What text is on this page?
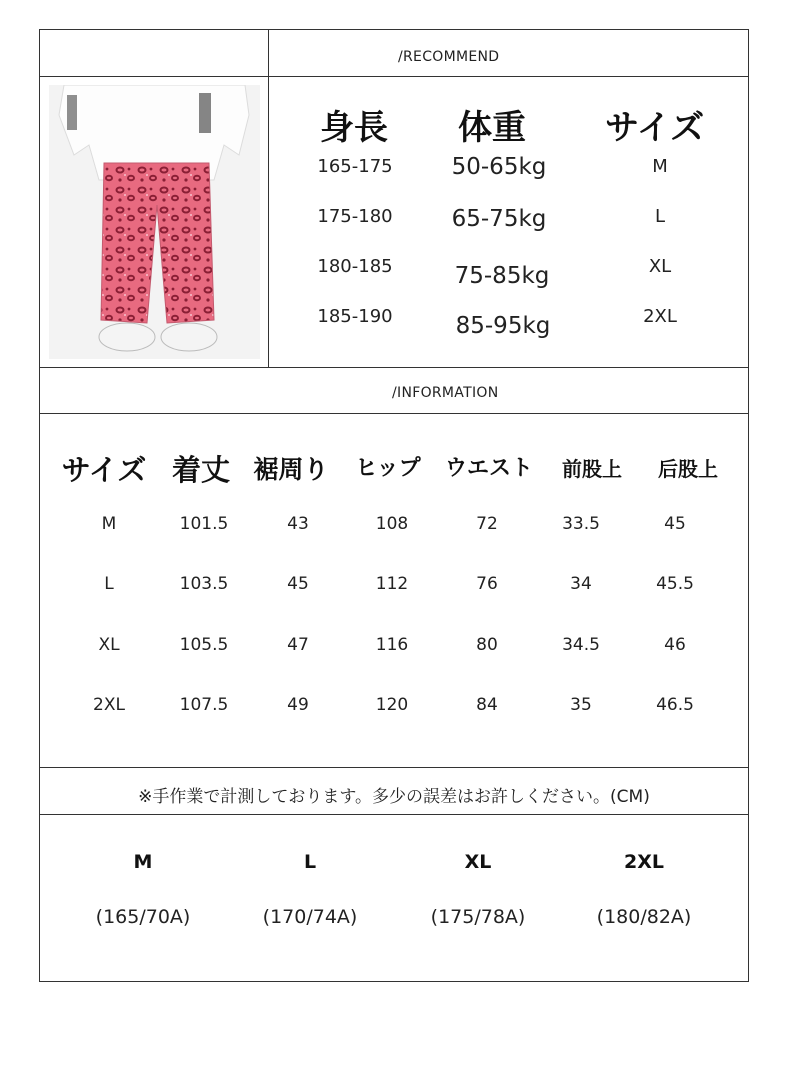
/RECOMMEND
身長 体重 サイズ
165-175	50-65kg	M
175-180	65-75kg	L
180-185	75-85kg	XL
185-190	85-95kg	2XL
/INFORMATION
サイズ 着丈 裾周り ヒップ ウエスト 前股上 后股上
M	101.5	43	108	72	33.5	45
L	103.5	45	112	76	34	45.5
XL	105.5	47	116	80	34.5	46
2XL	107.5	49	120	84	35	46.5
※手作業で計測しております。多少の誤差はお許しください。(CM)
M	L	XL	2XL
(165/70A)	(170/74A)	(175/78A)	(180/82A)
